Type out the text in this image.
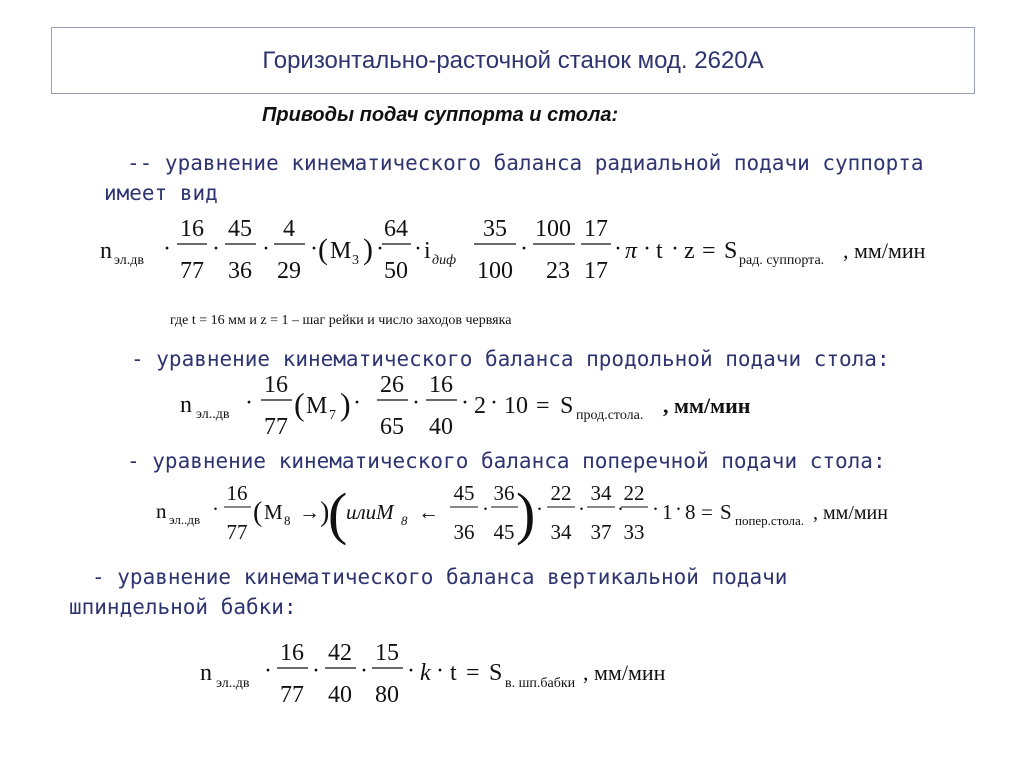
Горизонтально-расточной станок мод. 2620А
Приводы подач суппорта и стола:
-- уравнение кинематического баланса радиальной подачи суппорта
имеет вид
n эл.дв ·
16
77
·
45
36
·
4
29
· ( M 3 ) ·
64
50
· i диф
35
100
·
100
23
17
17
· π · t · z = S рад. суппорта. , мм/мин
где t = 16 мм и z = 1 – шаг рейки и число заходов червяка
- уравнение кинематического баланса продольной подачи стола:
n эл..дв ·
16
77
( M 7 ) ·
26
65
·
16
40
· 2 · 10 = S прод.стола. , мм/мин
- уравнение кинематического баланса поперечной подачи стола:
n эл..дв ·
16
77
( M 8 → )
(
илиM 8 ←
45
36
·
36
45 ) ·
22
34
·
34
37
·
22
33
· 1 · 8 = S попер.стола. , мм/мин
- уравнение кинематического баланса вертикальной подачи
шпиндельной бабки:
n эл..дв ·
16
77
·
42
40
·
15
80
· k · t = S в. шп.бабки , мм/мин
